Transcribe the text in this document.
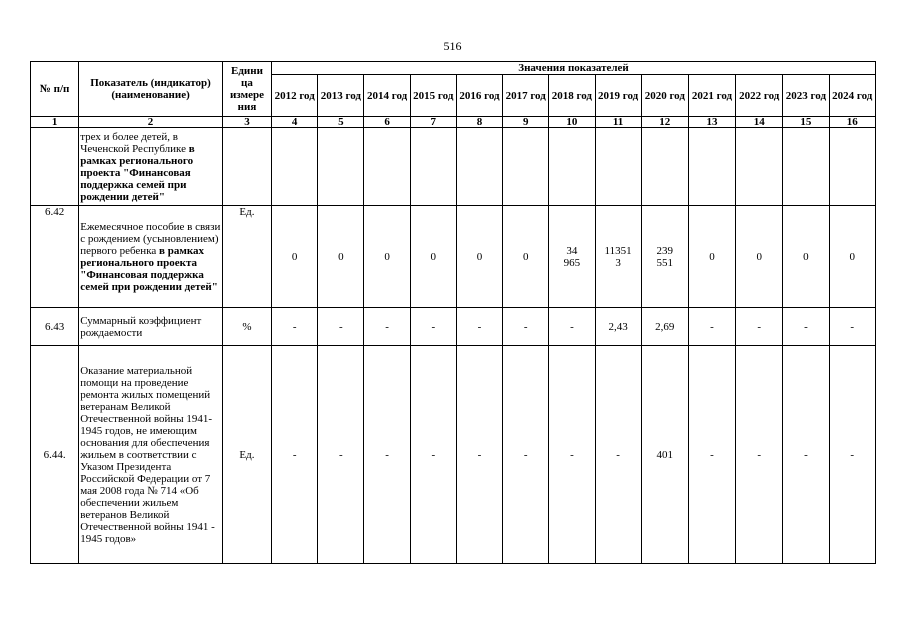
516
№ п/п	Показатель (индикатор) (наименование)	Едини ца измере ния	Значения показателей												
			2012 год	2013 год	2014 год	2015 год	2016 год	2017 год	2018 год	2019 год	2020 год	2021 год	2022 год	2023 год	2024 год
1	2	3	4	5	6	7	8	9	10	11	12	13	14	15	16
	трех и более детей, в Чеченской Республике в рамках регионального проекта "Финансовая поддержка семей при рождении детей"														
6.42	Ежемесячное пособие в связи с рождением (усыновлением) первого ребенка в рамках регионального проекта "Финансовая поддержка семей при рождении детей"	Ед.	0	0	0	0	0	0	34 965	11351 3	239 551	0	0	0	0
6.43	Суммарный коэффициент рождаемости	%	-	-	-	-	-	-	-	2,43	2,69	-	-	-	-
6.44.	Оказание материальной помощи на проведение ремонта жилых помещений ветеранам Великой Отечественной войны 1941-1945 годов, не имеющим основания для обеспечения жильем в соответствии с Указом Президента Российской Федерации от 7 мая 2008 года № 714 «Об обеспечении жильем ветеранов Великой Отечественной войны 1941 - 1945 годов»	Ед.	-	-	-	-	-	-	-	-	401	-	-	-	-
